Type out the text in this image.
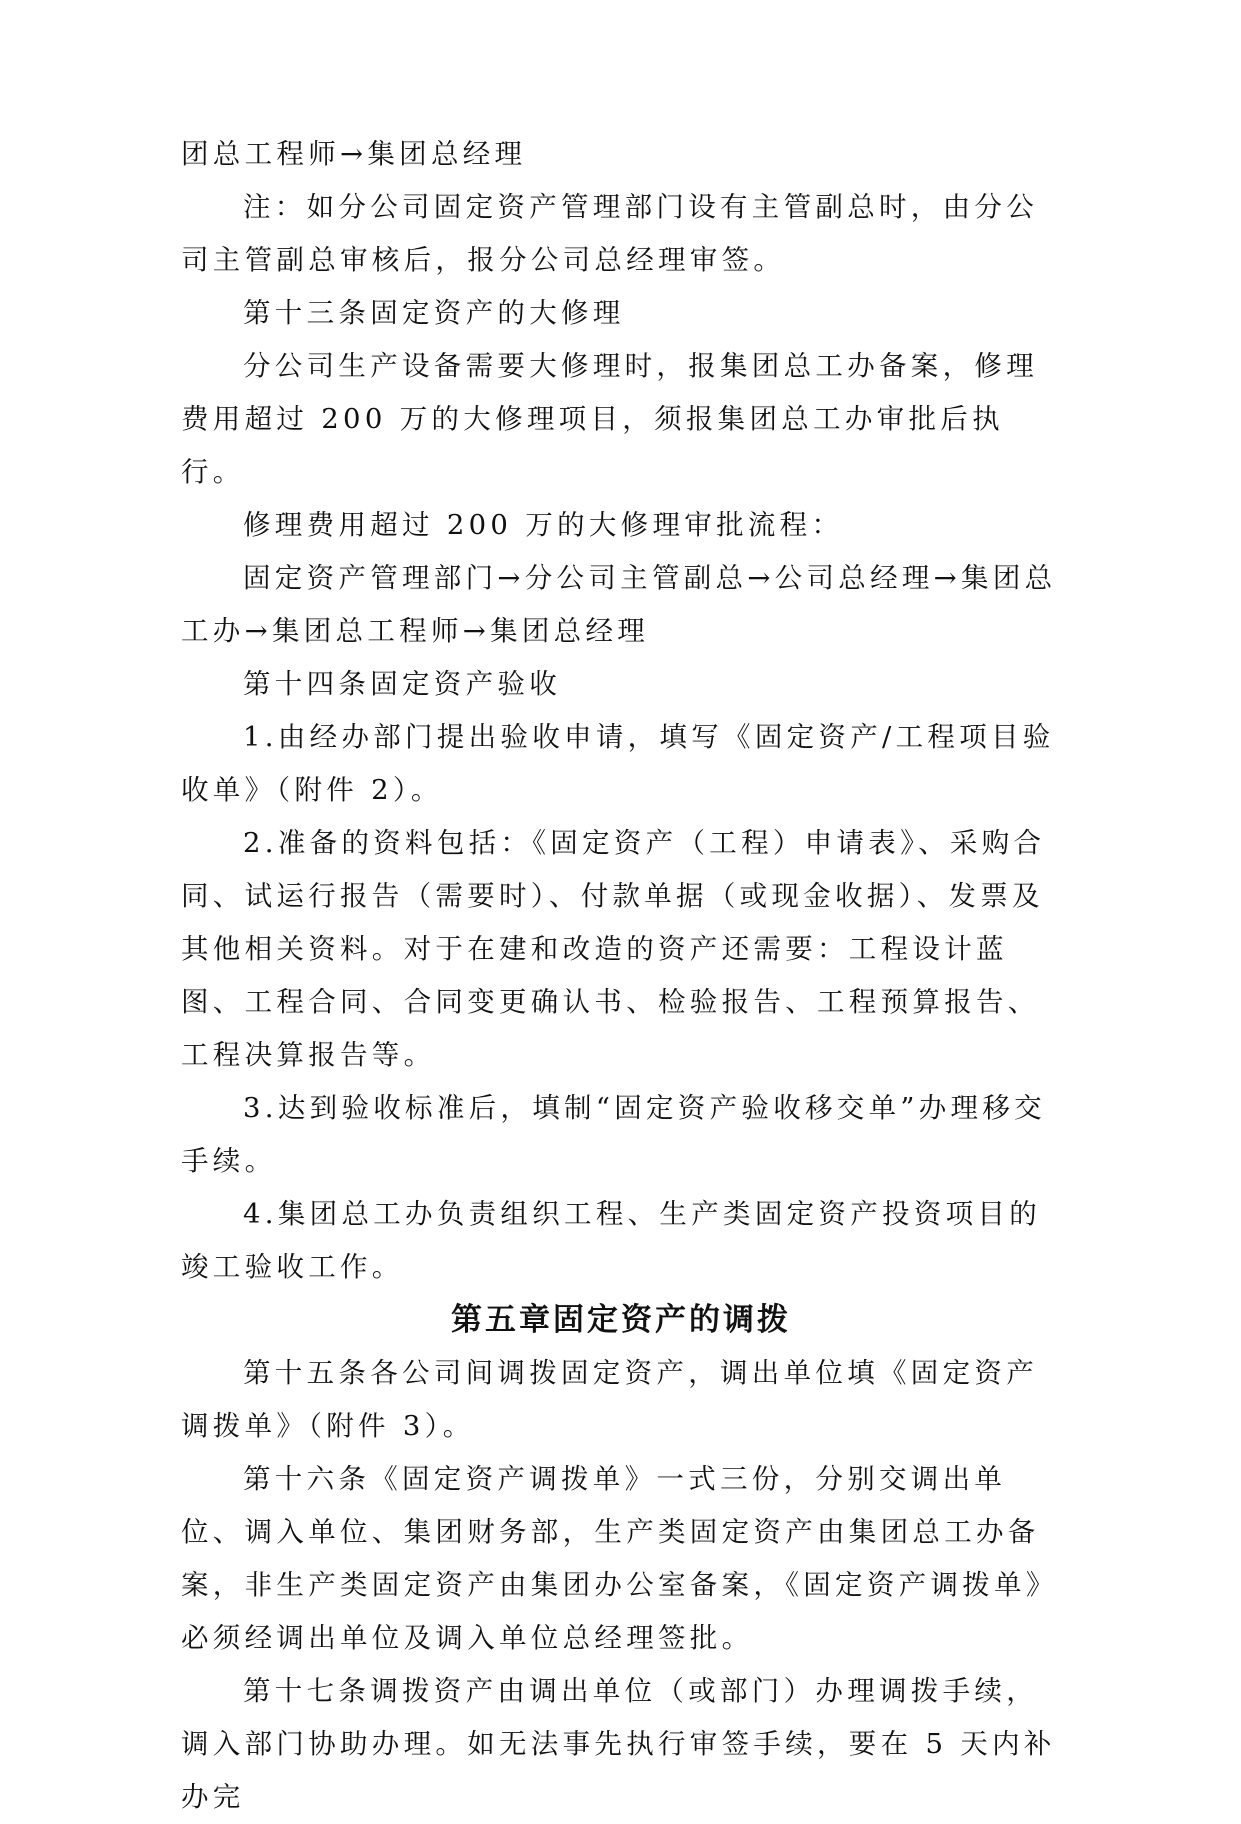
团总工程师→集团总经理

注：如分公司固定资产管理部门设有主管副总时，由分公司主管副总审核后，报分公司总经理审签。

第十三条固定资产的大修理

分公司生产设备需要大修理时，报集团总工办备案，修理费用超过 200 万的大修理项目，须报集团总工办审批后执行。

修理费用超过 200 万的大修理审批流程：

固定资产管理部门→分公司主管副总→公司总经理→集团总工办→集团总工程师→集团总经理

第十四条固定资产验收

1.由经办部门提出验收申请，填写《固定资产/工程项目验收单》（附件 2）。

2.准备的资料包括：《固定资产（工程）申请表》、采购合同、试运行报告（需要时）、付款单据（或现金收据）、发票及其他相关资料。对于在建和改造的资产还需要：工程设计蓝图、工程合同、合同变更确认书、检验报告、工程预算报告、工程决算报告等。

3.达到验收标准后，填制“固定资产验收移交单”办理移交手续。

4.集团总工办负责组织工程、生产类固定资产投资项目的竣工验收工作。

第五章固定资产的调拨

第十五条各公司间调拨固定资产，调出单位填《固定资产调拨单》（附件 3）。

第十六条《固定资产调拨单》一式三份，分别交调出单位、调入单位、集团财务部，生产类固定资产由集团总工办备案，非生产类固定资产由集团办公室备案，《固定资产调拨单》必须经调出单位及调入单位总经理签批。

第十七条调拨资产由调出单位（或部门）办理调拨手续，调入部门协助办理。如无法事先执行审签手续，要在 5 天内补办完
